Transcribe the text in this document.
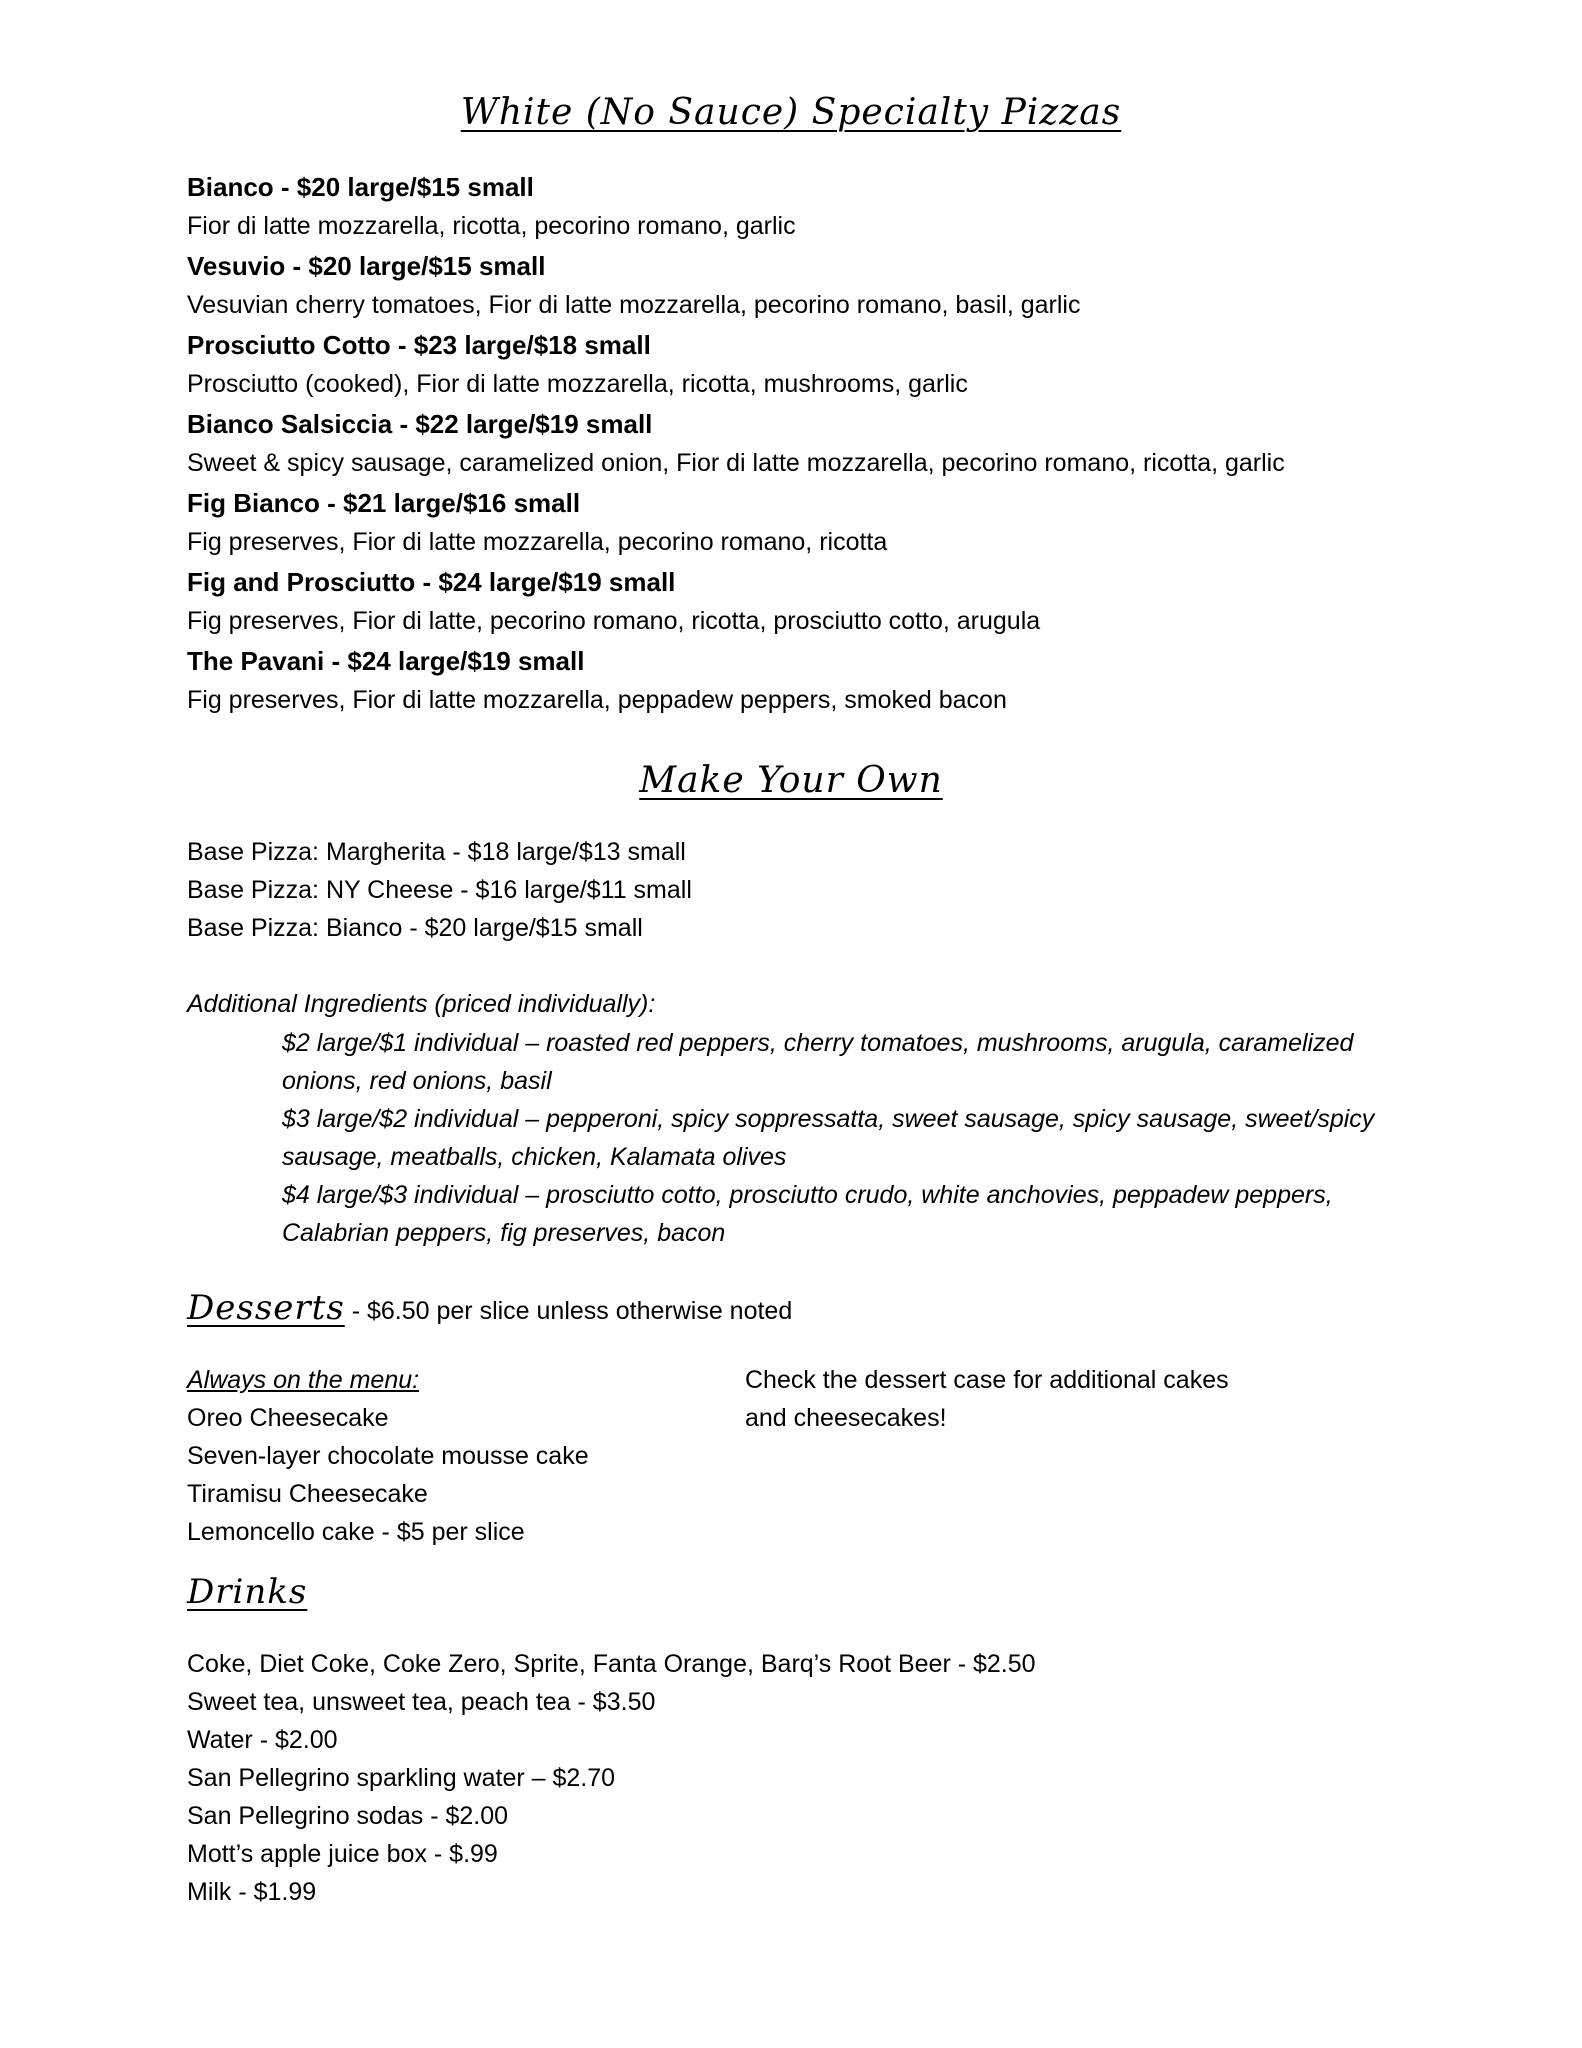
White (No Sauce) Specialty Pizzas
Bianco - $20 large/$15 small
Fior di latte mozzarella, ricotta, pecorino romano, garlic
Vesuvio - $20 large/$15 small
Vesuvian cherry tomatoes, Fior di latte mozzarella, pecorino romano, basil, garlic
Prosciutto Cotto - $23 large/$18 small
Prosciutto (cooked), Fior di latte mozzarella, ricotta, mushrooms, garlic
Bianco Salsiccia - $22 large/$19 small
Sweet & spicy sausage, caramelized onion, Fior di latte mozzarella, pecorino romano, ricotta, garlic
Fig Bianco - $21 large/$16 small
Fig preserves, Fior di latte mozzarella, pecorino romano, ricotta
Fig and Prosciutto - $24 large/$19 small
Fig preserves, Fior di latte, pecorino romano, ricotta, prosciutto cotto, arugula
The Pavani - $24 large/$19 small
Fig preserves, Fior di latte mozzarella, peppadew peppers, smoked bacon
Make Your Own
Base Pizza: Margherita - $18 large/$13 small
Base Pizza: NY Cheese - $16 large/$11 small
Base Pizza: Bianco - $20 large/$15 small
Additional Ingredients (priced individually):
$2 large/$1 individual – roasted red peppers, cherry tomatoes, mushrooms, arugula, caramelized onions, red onions, basil
$3 large/$2 individual – pepperoni, spicy soppressatta, sweet sausage, spicy sausage, sweet/spicy sausage, meatballs, chicken, Kalamata olives
$4 large/$3 individual – prosciutto cotto, prosciutto crudo, white anchovies, peppadew peppers, Calabrian peppers, fig preserves, bacon
Desserts - $6.50 per slice unless otherwise noted
Always on the menu:
Oreo Cheesecake
Seven-layer chocolate mousse cake
Tiramisu Cheesecake
Lemoncello cake - $5 per slice
Check the dessert case for additional cakes
and cheesecakes!
Drinks
Coke, Diet Coke, Coke Zero, Sprite, Fanta Orange, Barq’s Root Beer - $2.50
Sweet tea, unsweet tea, peach tea - $3.50
Water - $2.00
San Pellegrino sparkling water – $2.70
San Pellegrino sodas - $2.00
Mott’s apple juice box - $.99
Milk - $1.99
